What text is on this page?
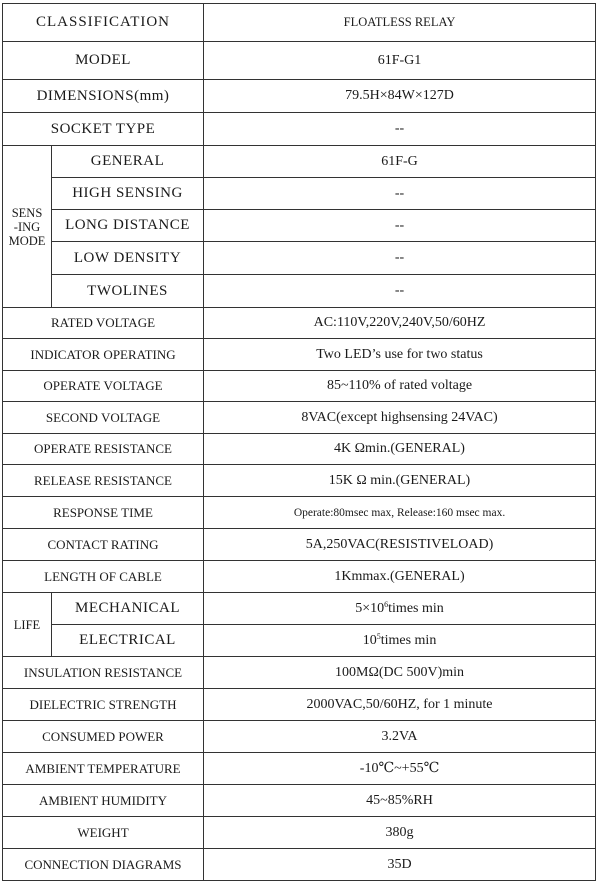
CLASSIFICATION		FLOATLESS RELAY
MODEL		61F-G1
DIMENSIONS(mm)		79.5H×84W×127D
SOCKET TYPE		--
SENS
-ING
MODE	GENERAL	61F-G
	HIGH SENSING	--
	LONG DISTANCE	--
	LOW DENSITY	--
	TWOLINES	--
RATED VOLTAGE		AC:110V,220V,240V,50/60HZ
INDICATOR OPERATING		Two LED’s use for two status
OPERATE VOLTAGE		85~110% of rated voltage
SECOND VOLTAGE		8VAC(except highsensing 24VAC)
OPERATE RESISTANCE		4K Ωmin.(GENERAL)
RELEASE RESISTANCE		15K Ω min.(GENERAL)
RESPONSE TIME		Operate:80msec max, Release:160 msec max.
CONTACT RATING		5A,250VAC(RESISTIVELOAD)
LENGTH OF CABLE		1Kmmax.(GENERAL)
LIFE	MECHANICAL	$5\times 10^6times$ min
	ELECTRICAL	$10^5times$ min
INSULATION RESISTANCE		100MΩ(DC 500V)min
DIELECTRIC STRENGTH		2000VAC,50/60HZ, for 1 minute
CONSUMED POWER		3.2VA
AMBIENT TEMPERATURE		-10℃~+55℃
AMBIENT HUMIDITY		45~85%RH
WEIGHT		380g
CONNECTION DIAGRAMS		35D
